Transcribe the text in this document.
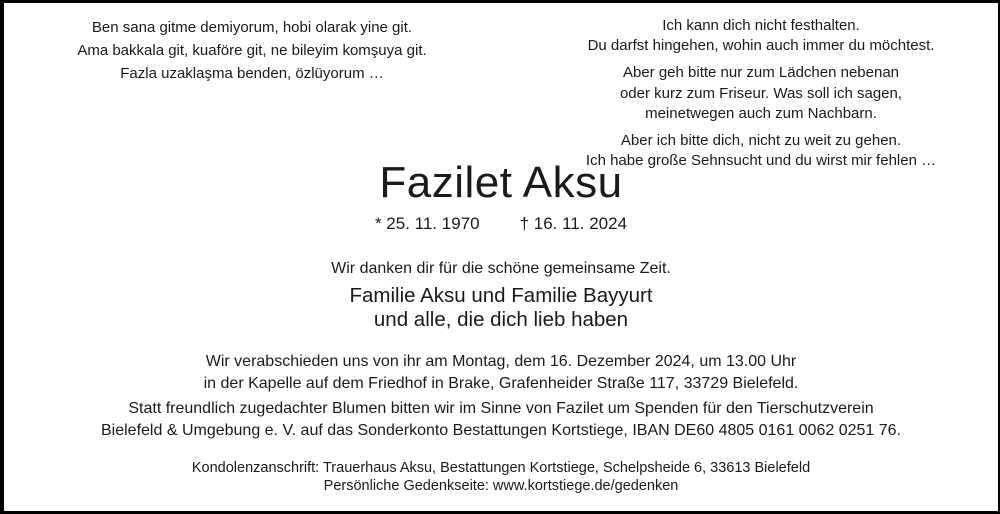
Ben sana gitme demiyorum, hobi olarak yine git.
Ama bakkala git, kuaföre git, ne bileyim komşuya git.
Fazla uzaklaşma benden, özlüyorum …
Ich kann dich nicht festhalten.
Du darfst hingehen, wohin auch immer du möchtest.
Aber geh bitte nur zum Lädchen nebenan
oder kurz zum Friseur. Was soll ich sagen,
meinetwegen auch zum Nachbarn.
Aber ich bitte dich, nicht zu weit zu gehen.
Ich habe große Sehnsucht und du wirst mir fehlen …
Fazilet Aksu
* 25. 11. 1970 † 16. 11. 2024
Wir danken dir für die schöne gemeinsame Zeit.
Familie Aksu und Familie Bayyurt
und alle, die dich lieb haben
Wir verabschieden uns von ihr am Montag, dem 16. Dezember 2024, um 13.00 Uhr
in der Kapelle auf dem Friedhof in Brake, Grafenheider Straße 117, 33729 Bielefeld.
Statt freundlich zugedachter Blumen bitten wir im Sinne von Fazilet um Spenden für den Tierschutzverein
Bielefeld & Umgebung e. V. auf das Sonderkonto Bestattungen Kortstiege, IBAN DE60 4805 0161 0062 0251 76.
Kondolenzanschrift: Trauerhaus Aksu, Bestattungen Kortstiege, Schelpsheide 6, 33613 Bielefeld
Persönliche Gedenkseite: www.kortstiege.de/gedenken
